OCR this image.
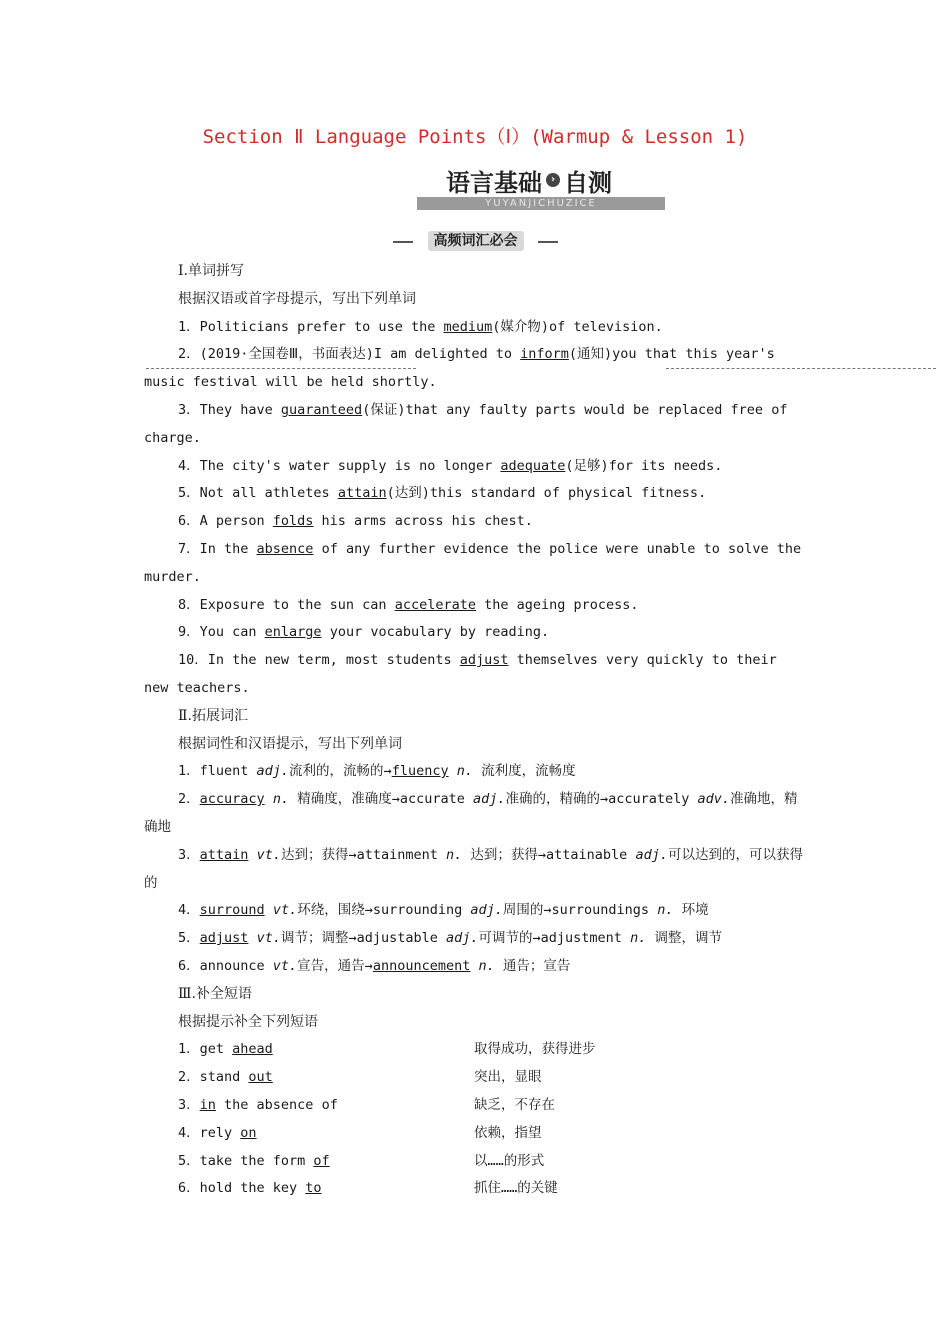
Section Ⅱ Language Points（Ⅰ）(Warmup & Lesson 1)
语言基础 › 自测
YUYANJICHUZICE
高频词汇必会

Ⅰ.单词拼写

根据汉语或首字母提示，写出下列单词

1．Politicians prefer to use the medium(媒介物)of television.

2．(2019·全国卷Ⅲ，书面表达)I am delighted to inform(通知)you that this year's music festival will be held shortly.

3．They have guaranteed(保证)that any faulty parts would be replaced free of charge.

4．The city's water supply is no longer adequate(足够)for its needs.

5．Not all athletes attain(达到)this standard of physical fitness.

6．A person folds his arms across his chest.

7．In the absence of any further evidence the police were unable to solve the murder.

8．Exposure to the sun can accelerate the ageing process.

9．You can enlarge your vocabulary by reading.

10．In the new term, most students adjust themselves very quickly to their new teachers.

Ⅱ.拓展词汇

根据词性和汉语提示，写出下列单词

1．fluent adj.流利的，流畅的→fluency n. 流利度，流畅度

2．accuracy n. 精确度，准确度→accurate adj.准确的，精确的→accurately adv.准确地，精确地

3．attain vt.达到；获得→attainment n. 达到；获得→attainable adj.可以达到的，可以获得的

4．surround vt.环绕，围绕→surrounding adj.周围的→surroundings n. 环境

5．adjust vt.调节；调整→adjustable adj.可调节的→adjustment n. 调整，调节

6．announce vt.宣告，通告→announcement n. 通告；宣告

Ⅲ.补全短语

根据提示补全下列短语

1．get ahead	取得成功，获得进步
2．stand out	突出，显眼
3．in the absence of	缺乏，不存在
4．rely on	依赖，指望
5．take the form of	以……的形式
6．hold the key to	抓住……的关键
